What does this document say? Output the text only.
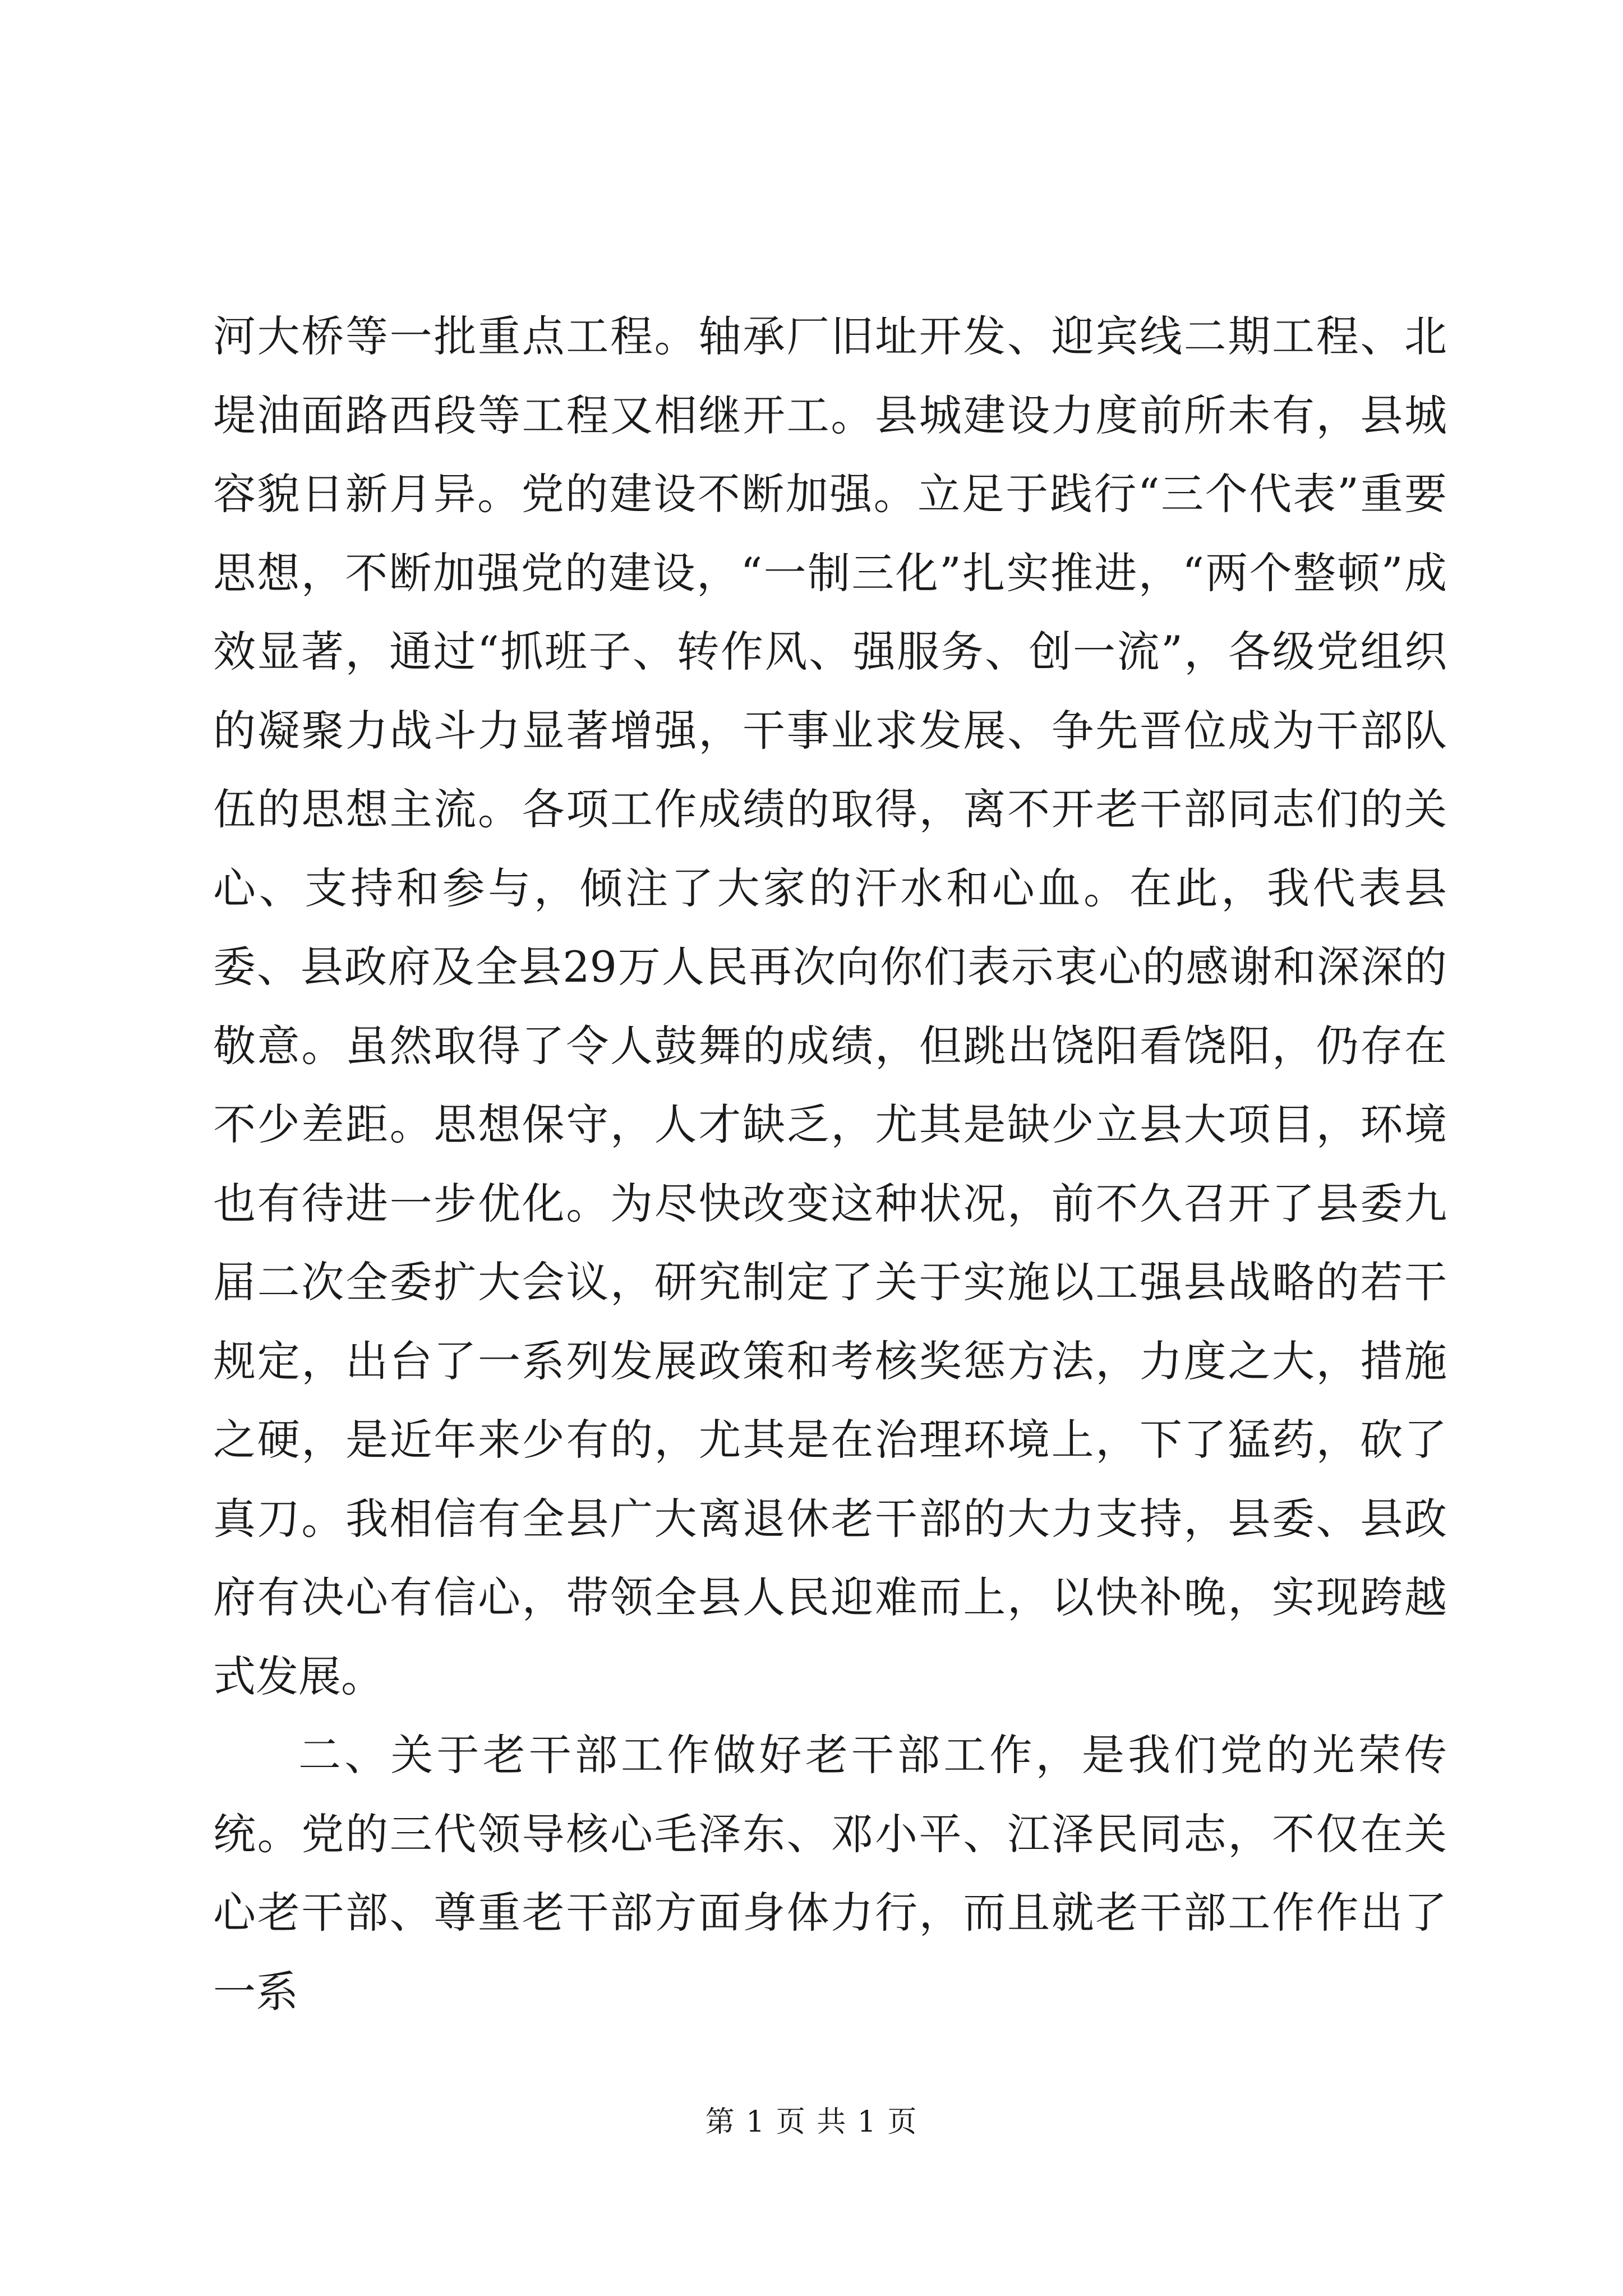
河大桥等一批重点工程。轴承厂旧址开发、迎宾线二期工程、北堤油面路西段等工程又相继开工。县城建设力度前所未有，县城容貌日新月异。党的建设不断加强。立足于践行“三个代表”重要思想，不断加强党的建设，“一制三化”扎实推进，“两个整顿”成效显著，通过“抓班子、转作风、强服务、创一流”，各级党组织的凝聚力战斗力显著增强，干事业求发展、争先晋位成为干部队伍的思想主流。各项工作成绩的取得，离不开老干部同志们的关心、支持和参与，倾注了大家的汗水和心血。在此，我代表县委、县政府及全县29万人民再次向你们表示衷心的感谢和深深的敬意。虽然取得了令人鼓舞的成绩，但跳出饶阳看饶阳，仍存在不少差距。思想保守，人才缺乏，尤其是缺少立县大项目，环境也有待进一步优化。为尽快改变这种状况，前不久召开了县委九届二次全委扩大会议，研究制定了关于实施以工强县战略的若干规定，出台了一系列发展政策和考核奖惩方法，力度之大，措施之硬，是近年来少有的，尤其是在治理环境上，下了猛药，砍了真刀。我相信有全县广大离退休老干部的大力支持，县委、县政府有决心有信心，带领全县人民迎难而上，以快补晚，实现跨越式发展。

二、关于老干部工作做好老干部工作，是我们党的光荣传统。党的三代领导核心毛泽东、邓小平、江泽民同志，不仅在关心老干部、尊重老干部方面身体力行，而且就老干部工作作出了一系

第 1 页 共 1 页
